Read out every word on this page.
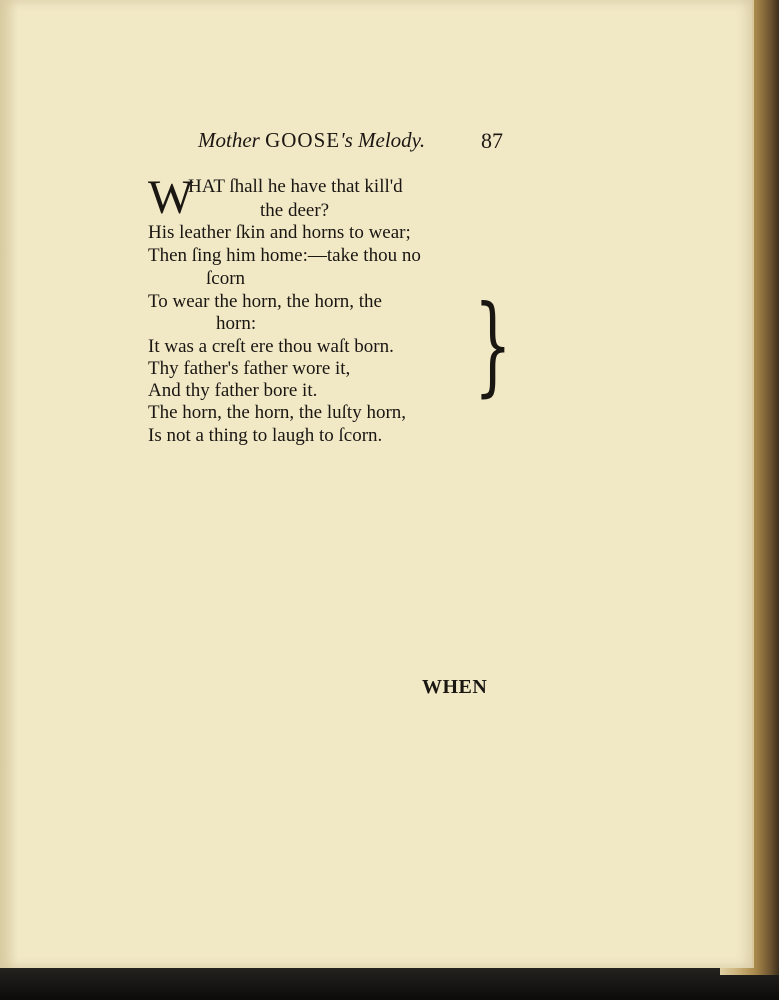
Mother GOOSE's Melody.	87
W
HAT ſhall he have that kill'd
the deer?
His leather ſkin and horns to wear;
Then ſing him home:—take thou no
ſcorn
To wear the horn, the horn, the
horn:
It was a creſt ere thou waſt born.
Thy father's father wore it,
And thy father bore it.
The horn, the horn, the luſty horn,
Is not a thing to laugh to ſcorn.
}
WHEN
